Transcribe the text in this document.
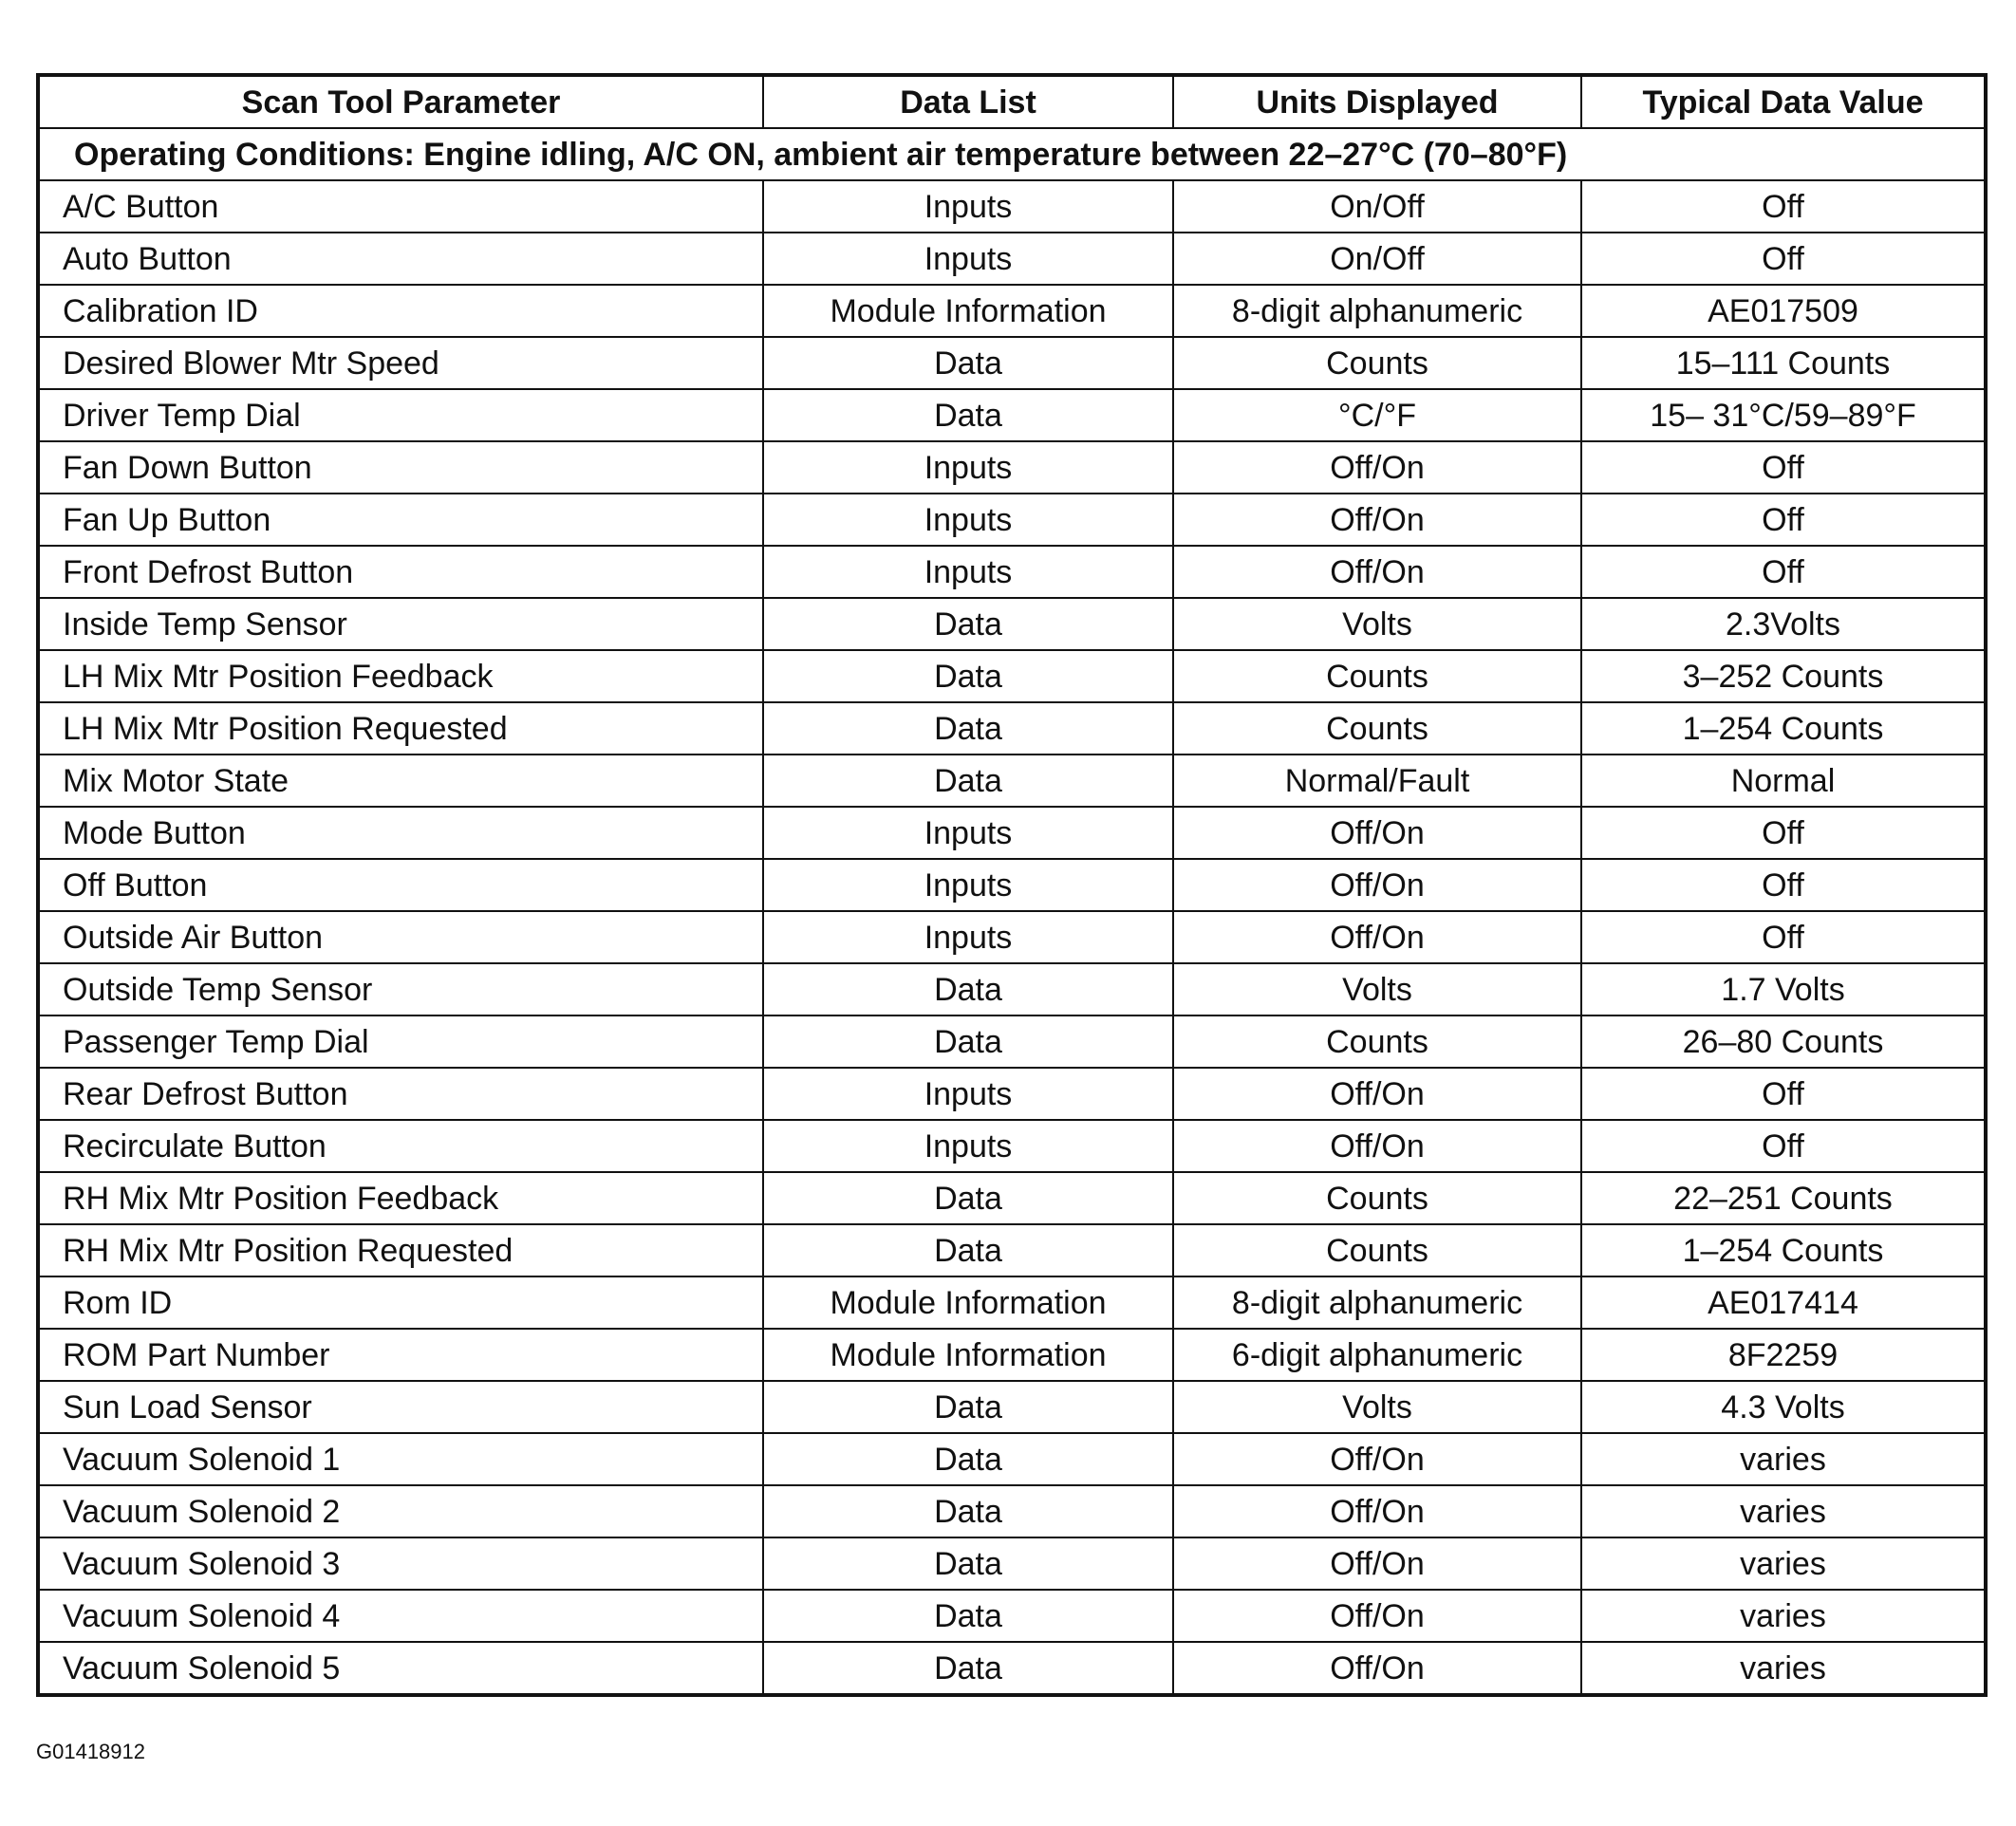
Scan Tool Parameter	Data List	Units Displayed	Typical Data Value
Operating Conditions: Engine idling, A/C ON, ambient air temperature between 22–27°C (70–80°F)			
A/C Button	Inputs	On/Off	Off
Auto Button	Inputs	On/Off	Off
Calibration ID	Module Information	8-digit alphanumeric	AE017509
Desired Blower Mtr Speed	Data	Counts	15–111 Counts
Driver Temp Dial	Data	°C/°F	15– 31°C/59–89°F
Fan Down Button	Inputs	Off/On	Off
Fan Up Button	Inputs	Off/On	Off
Front Defrost Button	Inputs	Off/On	Off
Inside Temp Sensor	Data	Volts	2.3Volts
LH Mix Mtr Position Feedback	Data	Counts	3–252 Counts
LH Mix Mtr Position Requested	Data	Counts	1–254 Counts
Mix Motor State	Data	Normal/Fault	Normal
Mode Button	Inputs	Off/On	Off
Off Button	Inputs	Off/On	Off
Outside Air Button	Inputs	Off/On	Off
Outside Temp Sensor	Data	Volts	1.7 Volts
Passenger Temp Dial	Data	Counts	26–80 Counts
Rear Defrost Button	Inputs	Off/On	Off
Recirculate Button	Inputs	Off/On	Off
RH Mix Mtr Position Feedback	Data	Counts	22–251 Counts
RH Mix Mtr Position Requested	Data	Counts	1–254 Counts
Rom ID	Module Information	8-digit alphanumeric	AE017414
ROM Part Number	Module Information	6-digit alphanumeric	8F2259
Sun Load Sensor	Data	Volts	4.3 Volts
Vacuum Solenoid 1	Data	Off/On	varies
Vacuum Solenoid 2	Data	Off/On	varies
Vacuum Solenoid 3	Data	Off/On	varies
Vacuum Solenoid 4	Data	Off/On	varies
Vacuum Solenoid 5	Data	Off/On	varies
G01418912
